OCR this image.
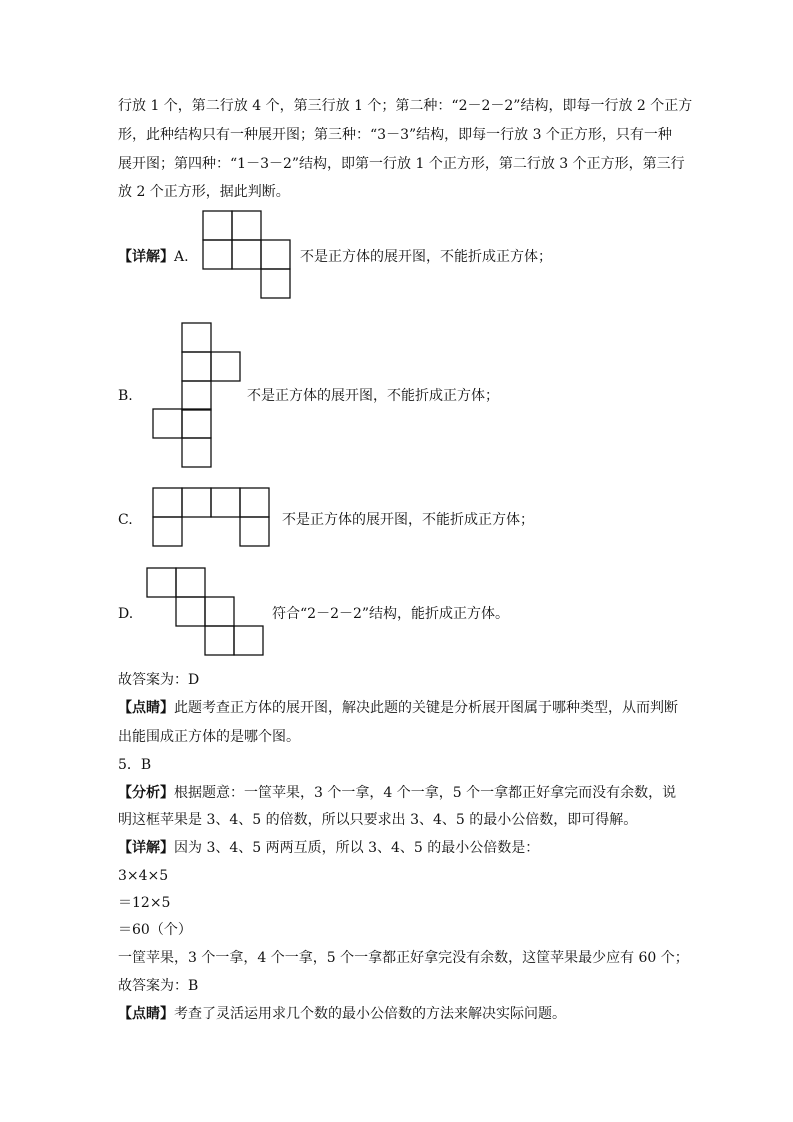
行放 1 个，第二行放 4 个，第三行放 1 个；第二种：“2－2－2”结构，即每一行放 2 个正方
形，此种结构只有一种展开图；第三种：“3－3”结构，即每一行放 3 个正方形，只有一种
展开图；第四种：“1－3－2”结构，即第一行放 1 个正方形，第二行放 3 个正方形，第三行
放 2 个正方形，据此判断。
【详解】A.	不是正方体的展开图，不能折成正方体；
B.	不是正方体的展开图，不能折成正方体；
C.	不是正方体的展开图，不能折成正方体；
D.	符合“2－2－2”结构，能折成正方体。
故答案为：D
【点睛】此题考查正方体的展开图，解决此题的关键是分析展开图属于哪种类型，从而判断
出能围成正方体的是哪个图。
5．B
【分析】根据题意：一筐苹果，3 个一拿，4 个一拿，5 个一拿都正好拿完而没有余数，说
明这框苹果是 3、4、5 的倍数，所以只要求出 3、4、5 的最小公倍数，即可得解。
【详解】因为 3、4、5 两两互质，所以 3、4、5 的最小公倍数是：
3×4×5
＝12×5
＝60（个）
一筐苹果，3 个一拿，4 个一拿，5 个一拿都正好拿完没有余数，这筐苹果最少应有 60 个；
故答案为：B
【点睛】考查了灵活运用求几个数的最小公倍数的方法来解决实际问题。
